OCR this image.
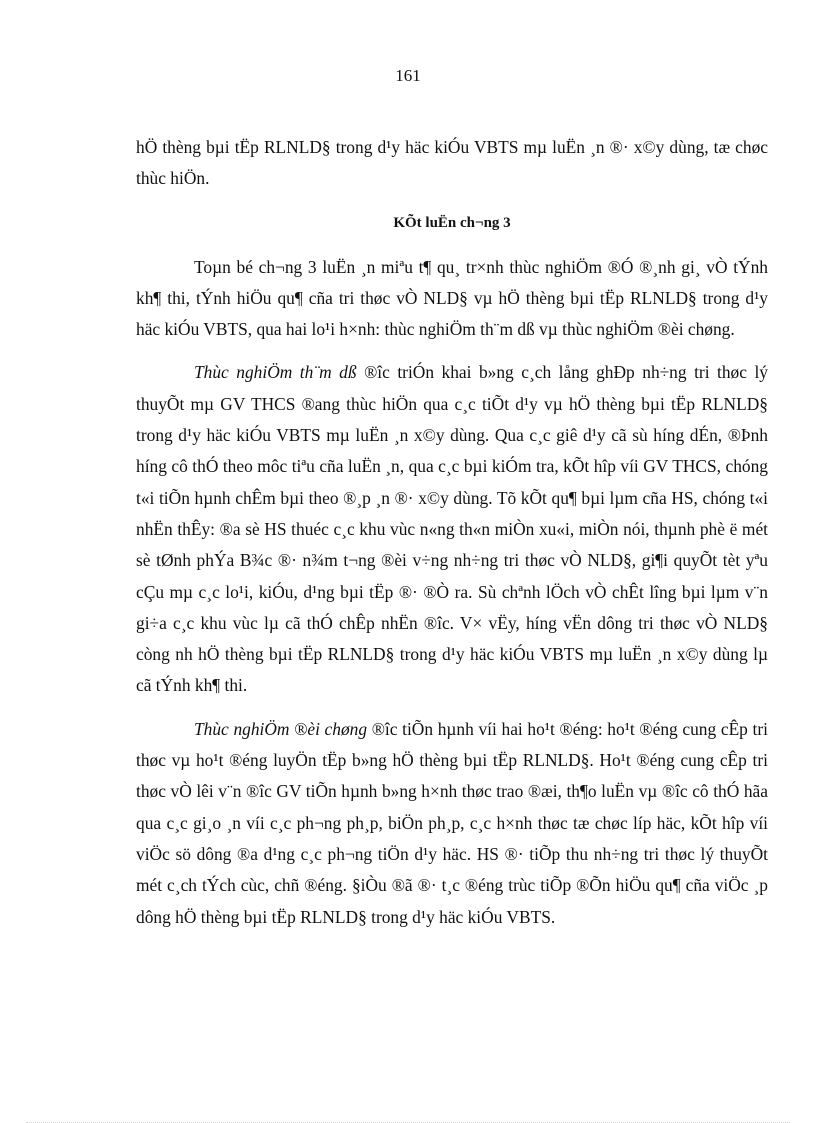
161

hÖ thèng bµi tËp RLNLD§ trong d¹y häc kiÓu VBTS mµ luËn ¸n ®· x©y dùng, tæ chøc thùc hiÖn.

KÕt luËn ch¬ng 3

Toµn bé ch¬ng 3 luËn ¸n miªu t¶ qu¸ tr×nh thùc nghiÖm ®Ó ®¸nh gi¸ vÒ tÝnh kh¶ thi, tÝnh hiÖu qu¶ cña tri thøc vÒ NLD§ vµ hÖ thèng bµi tËp RLNLD§ trong d¹y häc kiÓu VBTS, qua hai lo¹i h×nh: thùc nghiÖm th¨m dß vµ thùc nghiÖm ®èi chøng.

Thùc nghiÖm th¨m dß ®îc triÓn khai b»ng c¸ch lång ghÐp nh÷ng tri thøc lý thuyÕt mµ GV THCS ®ang thùc hiÖn qua c¸c tiÕt d¹y vµ hÖ thèng bµi tËp RLNLD§ trong d¹y häc kiÓu VBTS mµ luËn ¸n x©y dùng. Qua c¸c giê d¹y cã sù híng dÉn, ®Þnh híng cô thÓ theo môc tiªu cña luËn ¸n, qua c¸c bµi kiÓm tra, kÕt hîp víi GV THCS, chóng t«i tiÕn hµnh chÊm bµi theo ®¸p ¸n ®· x©y dùng. Tõ kÕt qu¶ bµi lµm cña HS, chóng t«i nhËn thÊy: ®a sè HS thuéc c¸c khu vùc n«ng th«n miÒn xu«i, miÒn nói, thµnh phè ë mét sè tØnh phÝa B¾c ®· n¾m t¬ng ®èi v÷ng nh÷ng tri thøc vÒ NLD§, gi¶i quyÕt tèt yªu cÇu mµ c¸c lo¹i, kiÓu, d¹ng bµi tËp ®· ®Ò ra. Sù chªnh lÖch vÒ chÊt lîng bµi lµm v¨n gi÷a c¸c khu vùc lµ cã thÓ chÊp nhËn ®îc. V× vËy, híng vËn dông tri thøc vÒ NLD§ còng nh hÖ thèng bµi tËp RLNLD§ trong d¹y häc kiÓu VBTS mµ luËn ¸n x©y dùng lµ cã tÝnh kh¶ thi.

Thùc nghiÖm ®èi chøng ®îc tiÕn hµnh víi hai ho¹t ®éng: ho¹t ®éng cung cÊp tri thøc vµ ho¹t ®éng luyÖn tËp b»ng hÖ thèng bµi tËp RLNLD§. Ho¹t ®éng cung cÊp tri thøc vÒ lêi v¨n ®îc GV tiÕn hµnh b»ng h×nh thøc trao ®æi, th¶o luËn vµ ®îc cô thÓ hãa qua c¸c gi¸o ¸n víi c¸c ph¬ng ph¸p, biÖn ph¸p, c¸c h×nh thøc tæ chøc líp häc, kÕt hîp víi viÖc sö dông ®a d¹ng c¸c ph¬ng tiÖn d¹y häc. HS ®· tiÕp thu nh÷ng tri thøc lý thuyÕt mét c¸ch tÝch cùc, chñ ®éng. §iÒu ®ã ®· t¸c ®éng trùc tiÕp ®Õn hiÖu qu¶ cña viÖc ¸p dông hÖ thèng bµi tËp RLNLD§ trong d¹y häc kiÓu VBTS.
